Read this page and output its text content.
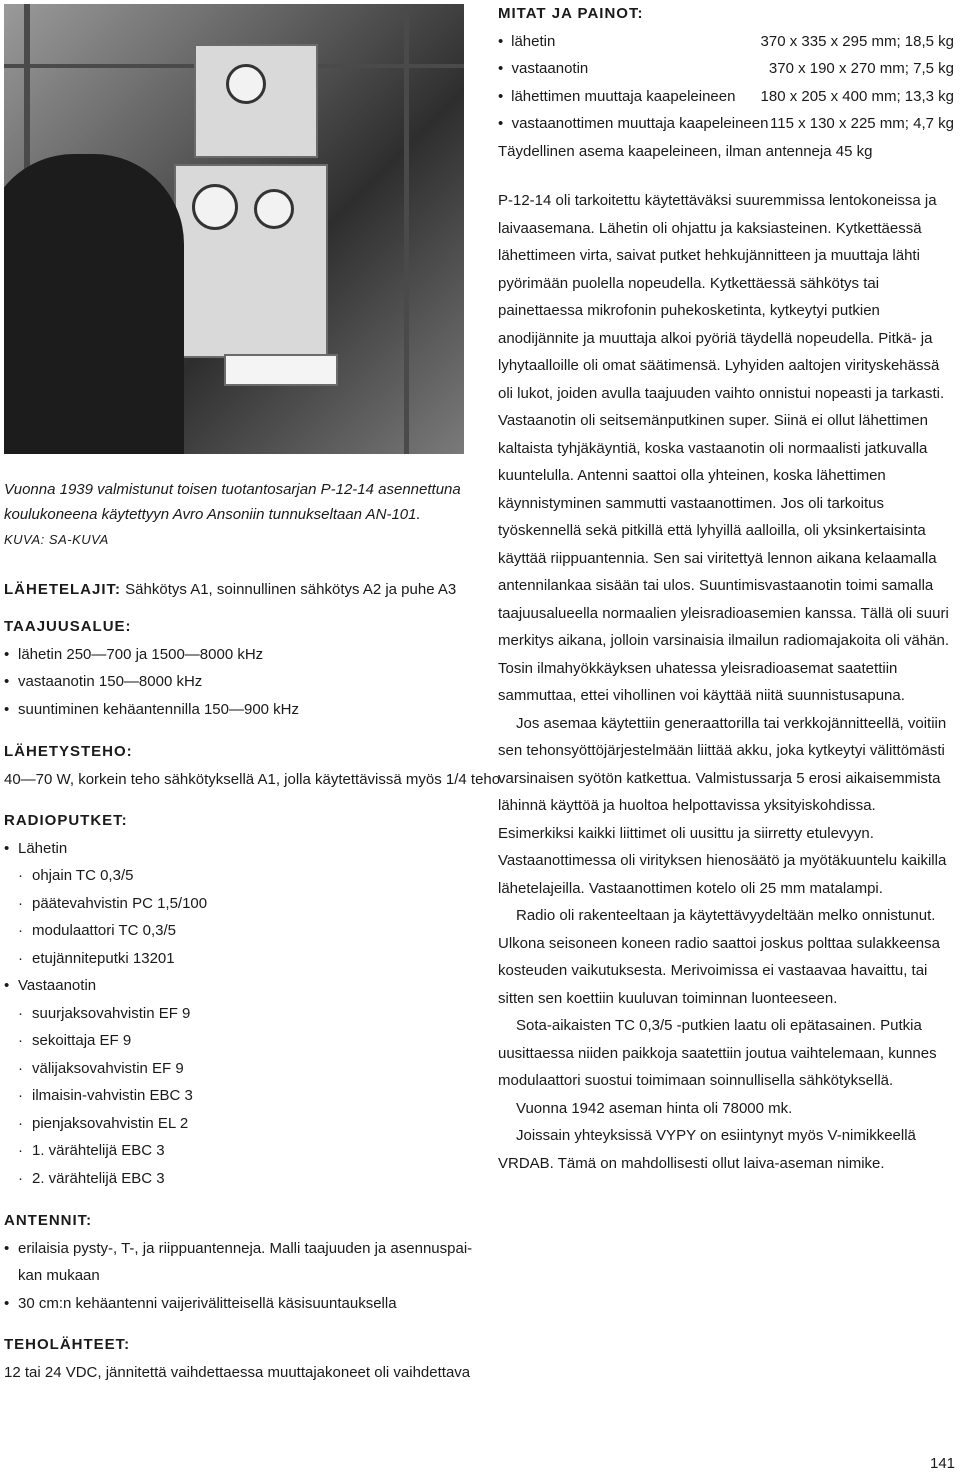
Vuonna 1939 valmistunut toisen tuotantosarjan P-12-14 asennettuna koulukoneena käytettyyn Avro Ansoniin tunnukseltaan AN-101. KUVA: SA-KUVA
LÄHETELAJIT: Sähkötys A1, soinnullinen sähkötys A2 ja puhe A3
TAAJUUSALUE:
•lähetin 250—700 ja 1500—8000 kHz
•vastaanotin 150—8000 kHz
•suuntiminen kehäantennilla 150—900 kHz
LÄHETYSTEHO:
40—70 W, korkein teho sähkötyksellä A1, jolla käytettävissä myös 1/4 teho
RADIOPUTKET:
•Lähetin
· ohjain TC 0,3/5
· päätevahvistin PC 1,5/100
· modulaattori TC 0,3/5
· etujänniteputki 13201
•Vastaanotin
· suurjaksovahvistin EF 9
· sekoittaja EF 9
· välijaksovahvistin EF 9
· ilmaisin-vahvistin EBC 3
· pienjaksovahvistin EL 2
· 1. värähtelijä EBC 3
· 2. värähtelijä EBC 3
ANTENNIT:
•erilaisia pysty-, T-, ja riippuantenneja. Malli taajuuden ja asennuspai-
kan mukaan
•30 cm:n kehäantenni vaijerivälitteisellä käsisuuntauksella
TEHOLÄHTEET:
12 tai 24 VDC, jännitettä vaihdettaessa muuttajakoneet oli vaihdettava
MITAT JA PAINOT:
•
lähetin	370 x 335 x 295 mm; 18,5 kg
•
vastaanotin	370 x 190 x 270 mm; 7,5 kg
•
lähettimen muuttaja kaapeleineen	180 x 205 x 400 mm; 13,3 kg
•
vastaanottimen muuttaja kaapeleineen 115 x 130 x 225 mm; 4,7 kg
Täydellinen asema kaapeleineen, ilman antenneja 45 kg

P-12-14 oli tarkoitettu käytettäväksi suuremmissa lentokoneissa ja laivaasemana. Lähetin oli ohjattu ja kaksiasteinen. Kytkettäessä lähettimeen virta, saivat putket hehkujännitteen ja muuttaja lähti pyörimään puolella nopeudella. Kytkettäessä sähkötys tai painettaessa mikrofonin puhekosketinta, kytkeytyi putkien anodijännite ja muuttaja alkoi pyöriä täydellä nopeudella. Pitkä- ja lyhytaalloille oli omat säätimensä. Lyhyiden aaltojen virityskehässä oli lukot, joiden avulla taajuuden vaihto onnistui nopeasti ja tarkasti. Vastaanotin oli seitsemänputkinen super. Siinä ei ollut lähettimen kaltaista tyhjäkäyntiä, koska vastaanotin oli normaalisti jatkuvalla kuuntelulla. Antenni saattoi olla yhteinen, koska lähettimen käynnistyminen sammutti vastaanottimen. Jos oli tarkoitus työskennellä sekä pitkillä että lyhyillä aalloilla, oli yksinkertaisinta käyttää riippuantennia. Sen sai viritettyä lennon aikana kelaamalla antennilankaa sisään tai ulos. Suuntimisvastaanotin toimi samalla taajuusalueella normaalien yleisradioasemien kanssa. Tällä oli suuri merkitys aikana, jolloin varsinaisia ilmailun radiomajakoita oli vähän. Tosin ilmahyökkäyksen uhatessa yleisradioasemat saatettiin sammuttaa, ettei vihollinen voi käyttää niitä suunnistusapuna.

Jos asemaa käytettiin generaattorilla tai verkkojännitteellä, voitiin sen tehonsyöttöjärjestelmään liittää akku, joka kytkeytyi välittömästi varsinaisen syötön katkettua. Valmistussarja 5 erosi aikaisemmista lähinnä käyttöä ja huoltoa helpottavissa yksityiskohdissa. Esimerkiksi kaikki liittimet oli uusittu ja siirretty etulevyyn. Vastaanottimessa oli virityksen hienosäätö ja myötäkuuntelu kaikilla lähetelajeilla. Vastaanottimen kotelo oli 25 mm matalampi.

Radio oli rakenteeltaan ja käytettävyydeltään melko onnistunut. Ulkona seisoneen koneen radio saattoi joskus polttaa sulakkeensa kosteuden vaikutuksesta. Merivoimissa ei vastaavaa havaittu, tai sitten sen koettiin kuuluvan toiminnan luonteeseen.

Sota-aikaisten TC 0,3/5 -putkien laatu oli epätasainen. Putkia uusittaessa niiden paikkoja saatettiin joutua vaihtelemaan, kunnes modulaattori suostui toimimaan soinnullisella sähkötyksellä.

Vuonna 1942 aseman hinta oli 78000 mk.

Joissain yhteyksissä VYPY on esiintynyt myös V-nimikkeellä VRDAB. Tämä on mahdollisesti ollut laiva-aseman nimike.

141
